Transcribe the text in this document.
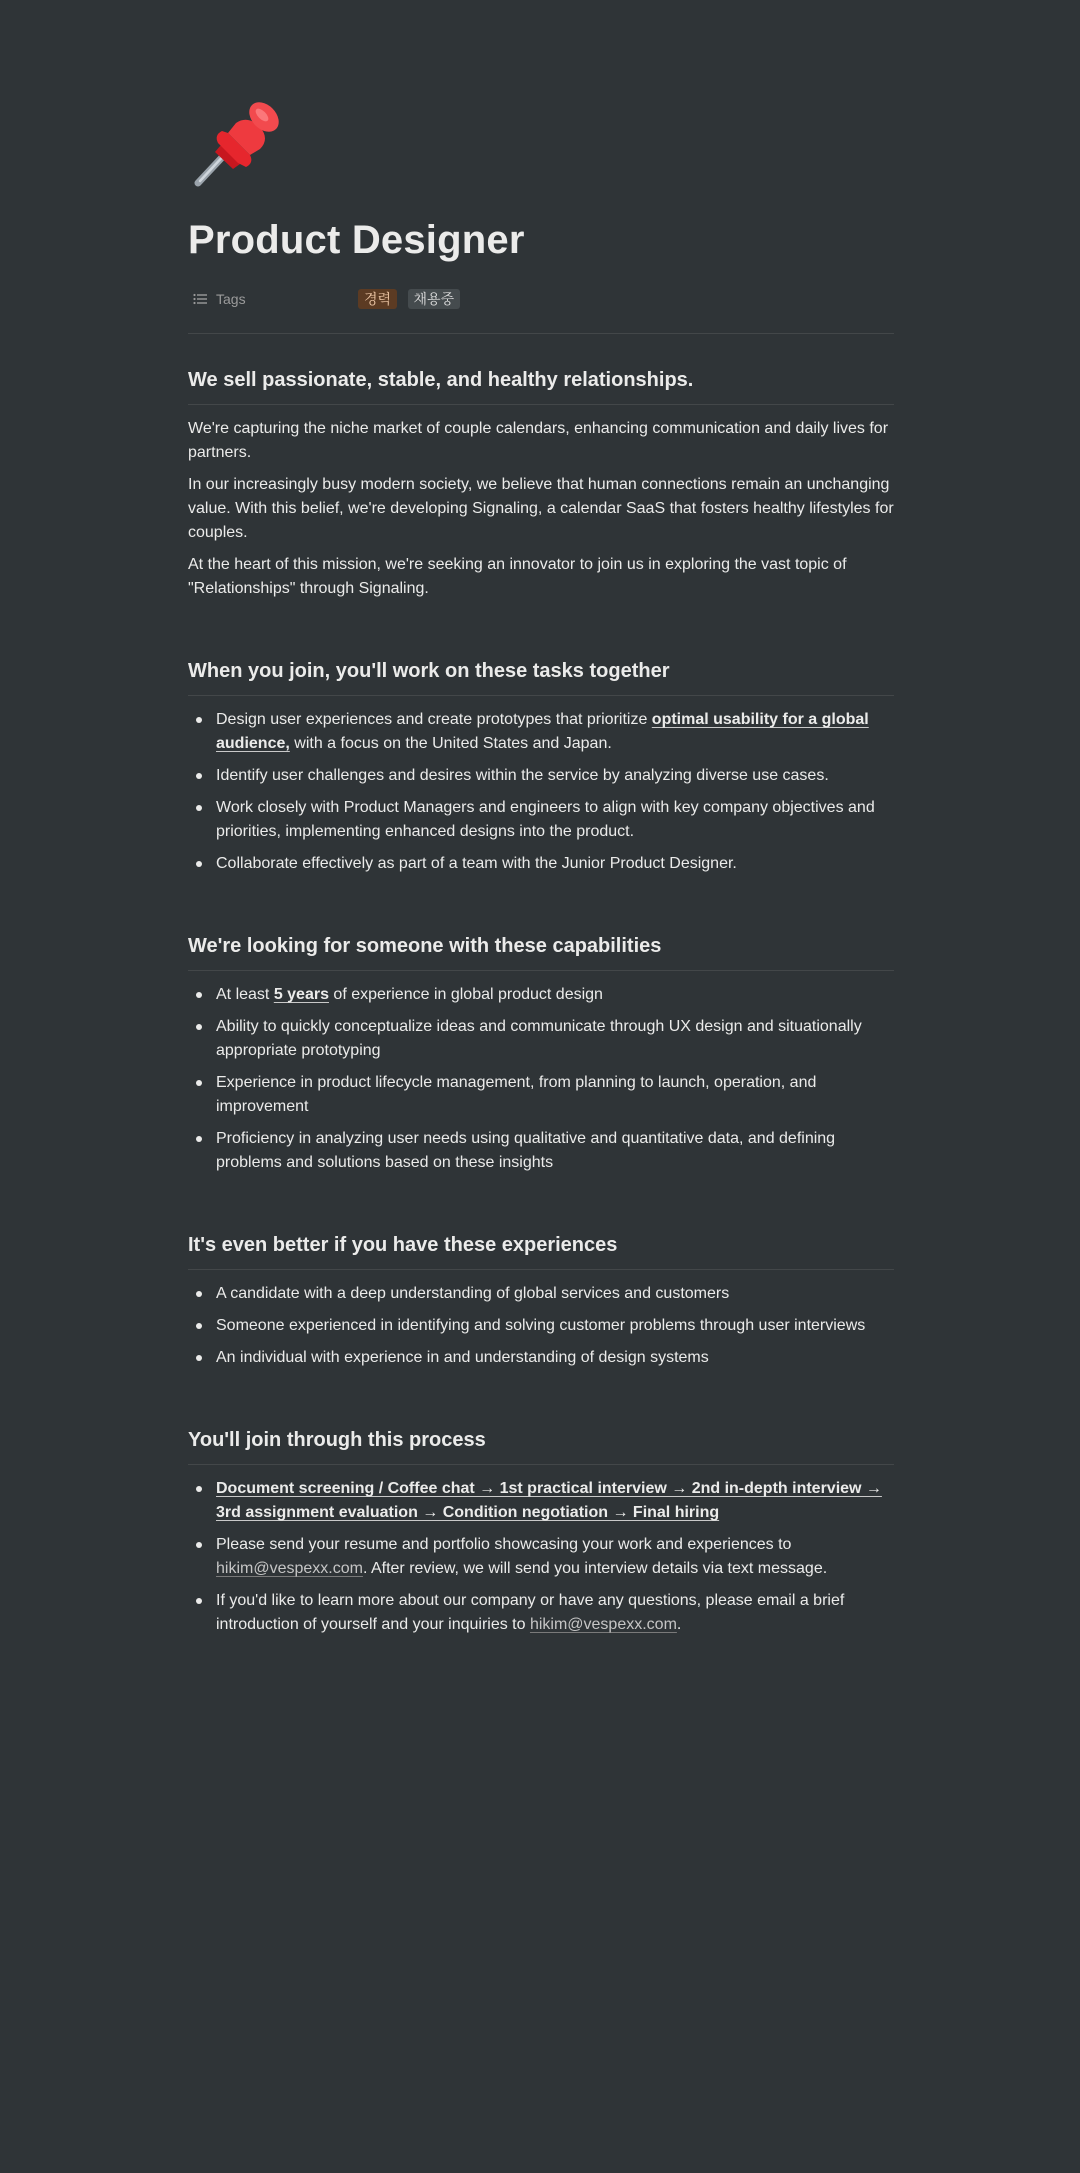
Product Designer
Tags	경력 채용중
We sell passionate, stable, and healthy relationships.

We're capturing the niche market of couple calendars, enhancing communication and daily lives for partners.

In our increasingly busy modern society, we believe that human connections remain an unchanging value. With this belief, we're developing Signaling, a calendar SaaS that fosters healthy lifestyles for couples.

At the heart of this mission, we're seeking an innovator to join us in exploring the vast topic of "Relationships" through Signaling.

When you join, you'll work on these tasks together
Design user experiences and create prototypes that prioritize optimal usability for a global audience, with a focus on the United States and Japan.
Identify user challenges and desires within the service by analyzing diverse use cases.
Work closely with Product Managers and engineers to align with key company objectives and priorities, implementing enhanced designs into the product.
Collaborate effectively as part of a team with the Junior Product Designer.
We're looking for someone with these capabilities
At least 5 years of experience in global product design
Ability to quickly conceptualize ideas and communicate through UX design and situationally appropriate prototyping
Experience in product lifecycle management, from planning to launch, operation, and improvement
Proficiency in analyzing user needs using qualitative and quantitative data, and defining problems and solutions based on these insights
It's even better if you have these experiences
A candidate with a deep understanding of global services and customers
Someone experienced in identifying and solving customer problems through user interviews
An individual with experience in and understanding of design systems
You'll join through this process
Document screening / Coffee chat → 1st practical interview → 2nd in-depth interview → 3rd assignment evaluation → Condition negotiation → Final hiring
Please send your resume and portfolio showcasing your work and experiences to hikim@vespexx.com. After review, we will send you interview details via text message.
If you'd like to learn more about our company or have any questions, please email a brief introduction of yourself and your inquiries to hikim@vespexx.com.
